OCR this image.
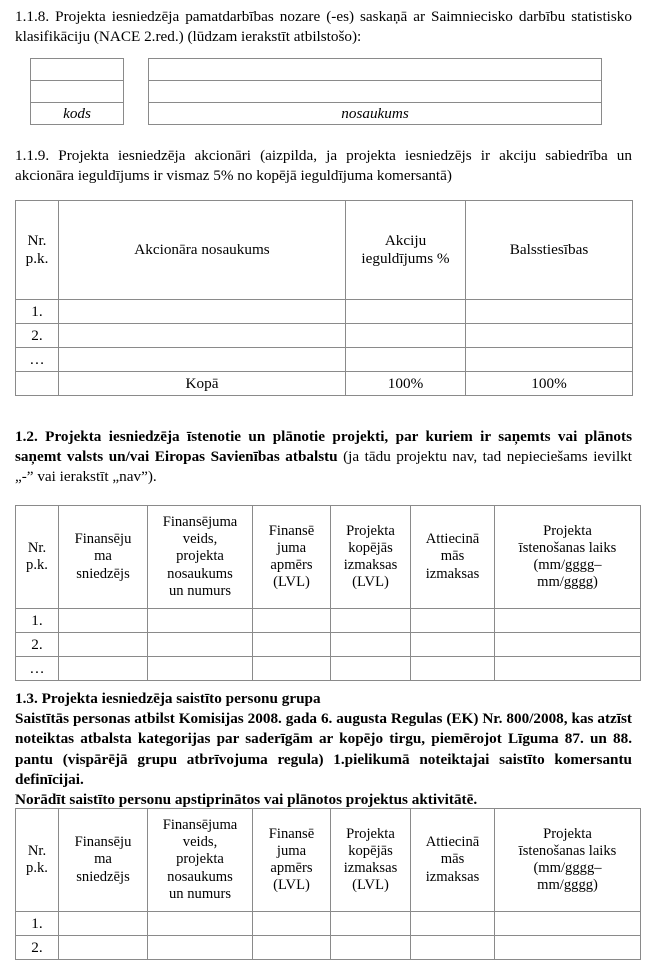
1.1.8. Projekta iesniedzēja pamatdarbības nozare (-es) saskaņā ar Saimniecisko darbību statistisko klasifikāciju (NACE 2.red.) (lūdzam ierakstīt atbilstošo):

kods	nosaukums

1.1.9. Projekta iesniedzēja akcionāri (aizpilda, ja projekta iesniedzējs ir akciju sabiedrība un akcionāra ieguldījums ir vismaz 5% no kopējā ieguldījuma komersantā)

Nr.
p.k.	Akcionāra nosaukums	Akciju
ieguldījums %	Balsstiesības
1.			
2.			
…			
	Kopā	100%	100%

1.2. Projekta iesniedzēja īstenotie un plānotie projekti, par kuriem ir saņemts vai plānots saņemt valsts un/vai Eiropas Savienības atbalstu (ja tādu projektu nav, tad nepieciešams ievilkt „-” vai ierakstīt „nav”).

Nr.
p.k.	Finansēju
ma
sniedzējs	Finansējuma
veids,
projekta
nosaukums
un numurs	Finansē
juma
apmērs
(LVL)	Projekta
kopējās
izmaksas
(LVL)	Attiecinā
mās
izmaksas	Projekta
īstenošanas laiks
(mm/gggg–
mm/gggg)

1.						
2.						
…						

1.3. Projekta iesniedzēja saistīto personu grupa

Saistītās personas atbilst Komisijas 2008. gada 6. augusta Regulas (EK) Nr. 800/2008, kas atzīst noteiktas atbalsta kategorijas par saderīgām ar kopējo tirgu, piemērojot Līguma 87. un 88. pantu (vispārējā grupu atbrīvojuma regula) 1.pielikumā noteiktajai saistīto komersantu definīcijai.

Norādīt saistīto personu apstiprinātos vai plānotos projektus aktivitātē.

Nr.
p.k.	Finansēju
ma
sniedzējs	Finansējuma
veids,
projekta
nosaukums
un numurs	Finansē
juma
apmērs
(LVL)	Projekta
kopējās
izmaksas
(LVL)	Attiecinā
mās
izmaksas	Projekta
īstenošanas laiks
(mm/gggg–
mm/gggg)

1.						
2.						
